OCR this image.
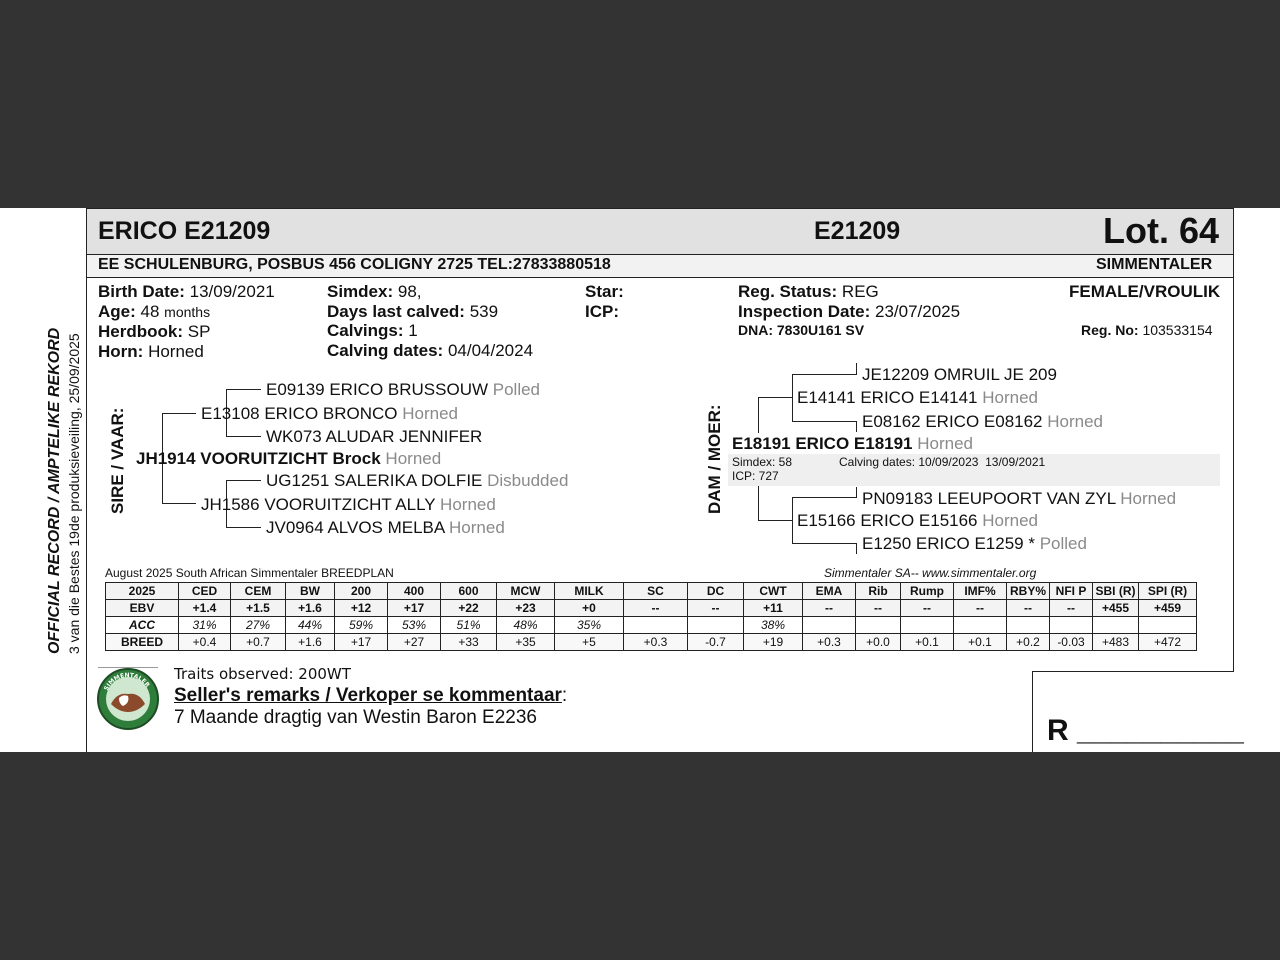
ERICO E21209	E21209	Lot. 64
EE SCHULENBURG, POSBUS 456 COLIGNY 2725 TEL:27833880518	SIMMENTALER
OFFICIAL RECORD / AMPTELIKE REKORD 3 van die Bestes 19de produksieveiling, 25/09/2025
Birth Date: 13/09/2021
Age: 48 months
Herdbook: SP
Horn: Horned
Simdex: 98,
Days last calved: 539
Calvings: 1
Calving dates: 04/04/2024
Star:
ICP:
Reg. Status: REG
Inspection Date: 23/07/2025
DNA: 7830U161 SV
FEMALE/VROULIK
Reg. No: 103533154
SIRE / VAAR:
E09139 ERICO BRUSSOUW Polled
E13108 ERICO BRONCO Horned
WK073 ALUDAR JENNIFER
JH1914 VOORUITZICHT Brock Horned
UG1251 SALERIKA DOLFIE Disbudded
JH1586 VOORUITZICHT ALLY Horned
JV0964 ALVOS MELBA Horned
DAM / MOER:
JE12209 OMRUIL JE 209
E14141 ERICO E14141 Horned
E08162 ERICO E08162 Horned
E18191 ERICO E18191 Horned
Simdex: 58	Calving dates: 10/09/2023  13/09/2021
ICP: 727
PN09183 LEEUPOORT VAN ZYL Horned
E15166 ERICO E15166 Horned
E1250 ERICO E1259 * Polled
August 2025 South African Simmentaler BREEDPLAN	Simmentaler SA-- www.simmentaler.org
2025	CED	CEM	BW	200	400	600	MCW	MILK	SC	DC	CWT	EMA	Rib	Rump	IMF%	RBY%	NFI P	SBI (R)	SPI (R)
EBV	+1.4	+1.5	+1.6	+12	+17	+22	+23	+0	--	--	+11	--	--	--	--	--	--	+455	+459
ACC	31%	27%	44%	59%	53%	51%	48%	35%			38%								
BREED	+0.4	+0.7	+1.6	+17	+27	+33	+35	+5	+0.3	-0.7	+19	+0.3	+0.0	+0.1	+0.1	+0.2	-0.03	+483	+472
SIMMENTALER
Traits observed: 200WT
Seller's remarks / Verkoper se kommentaar:
7 Maande dragtig van Westin Baron E2236	R __________
